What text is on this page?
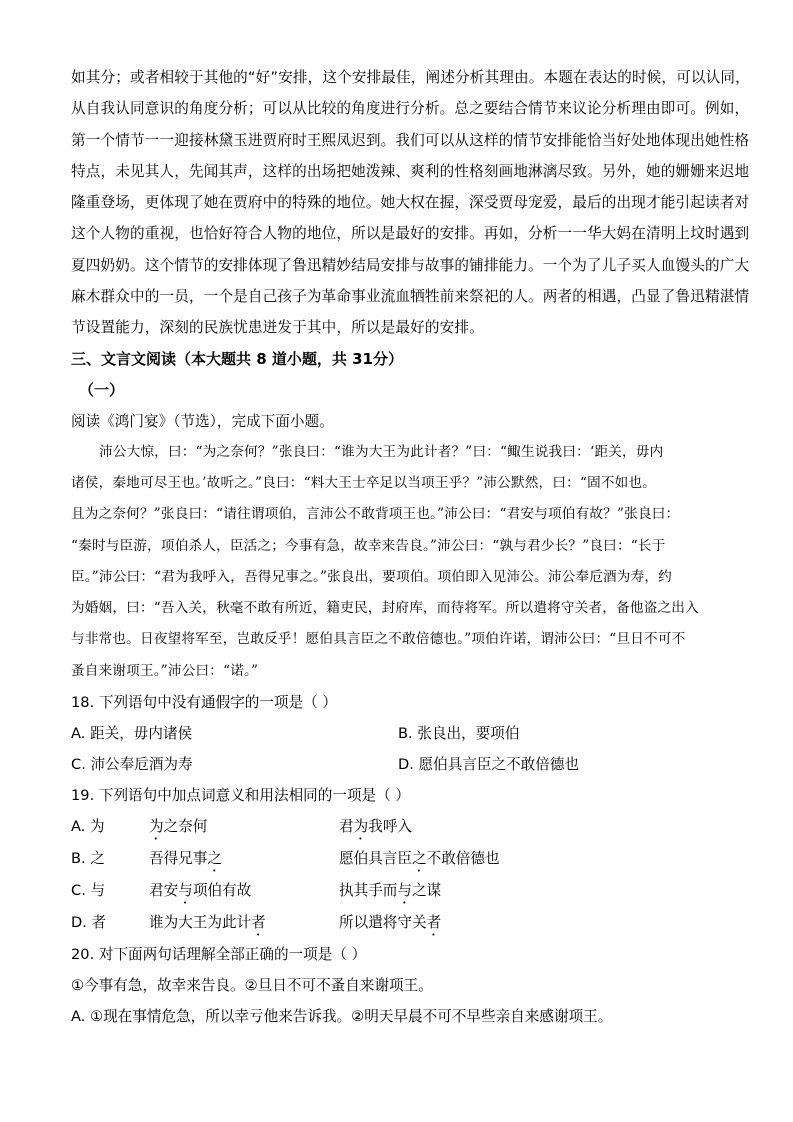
如其分；或者相较于其他的“好”安排，这个安排最佳，阐述分析其理由。本题在表达的时候，可以认同，
从自我认同意识的角度分析；可以从比较的角度进行分析。总之要结合情节来议论分析理由即可。例如，
第一个情节一一迎接林黛玉进贾府时王熙凤迟到。我们可以从这样的情节安排能恰当好处地体现出她性格
特点，未见其人，先闻其声，这样的出场把她泼辣、爽利的性格刻画地淋漓尽致。另外，她的姗姗来迟地
隆重登场，更体现了她在贾府中的特殊的地位。她大权在握，深受贾母宠爱，最后的出现才能引起读者对
这个人物的重视，也恰好符合人物的地位，所以是最好的安排。再如，分析一一华大妈在清明上坟时遇到
夏四奶奶。这个情节的安排体现了鲁迅精妙结局安排与故事的铺排能力。一个为了儿子买人血馒头的广大
麻木群众中的一员，一个是自己孩子为革命事业流血牺牲前来祭祀的人。两者的相遇，凸显了鲁迅精湛情
节设置能力，深刻的民族忧患迸发于其中，所以是最好的安排。

三、文言文阅读（本大题共 8 道小题，共 31分）

（一）

阅读《鸿门宴》（节选），完成下面小题。

沛公大惊，曰：“为之奈何？”张良曰：“谁为大王为此计者？”曰：“鲰生说我曰：‘距关，毋内
诸侯，秦地可尽王也。’故听之。”良曰：“料大王士卒足以当项王乎？”沛公默然，曰：“固不如也。
且为之奈何？”张良曰：“请往谓项伯，言沛公不敢背项王也。”沛公曰：“君安与项伯有故？”张良曰：
“秦时与臣游，项伯杀人，臣活之；今事有急，故幸来告良。”沛公曰：“孰与君少长？”良曰：“长于
臣。”沛公曰：“君为我呼入，吾得兄事之。”张良出，要项伯。项伯即入见沛公。沛公奉卮酒为寿，约
为婚姻，曰：“吾入关，秋毫不敢有所近，籍吏民，封府库，而待将军。所以遣将守关者，备他盗之出入
与非常也。日夜望将军至，岂敢反乎！愿伯具言臣之不敢倍德也。”项伯许诺，谓沛公曰：“旦日不可不
蚤自来谢项王。”沛公曰：“诺。”

18. 下列语句中没有通假字的一项是（ ）

A. 距关，毋内诸侯	B. 张良出，要项伯
C. 沛公奉卮酒为寿	D. 愿伯具言臣之不敢倍德也

19. 下列语句中加点词意义和用法相同的一项是（ ）

A. 为	为之奈何	君为我呼入
B. 之	吾得兄事之	愿伯具言臣之不敢倍德也
C. 与	君安与项伯有故	执其手而与之谋
D. 者	谁为大王为此计者	所以遣将守关者

20. 对下面两句话理解全部正确的一项是（ ）

①今事有急，故幸来告良。②旦日不可不蚤自来谢项王。

A. ①现在事情危急，所以幸亏他来告诉我。②明天早晨不可不早些亲自来感谢项王。
